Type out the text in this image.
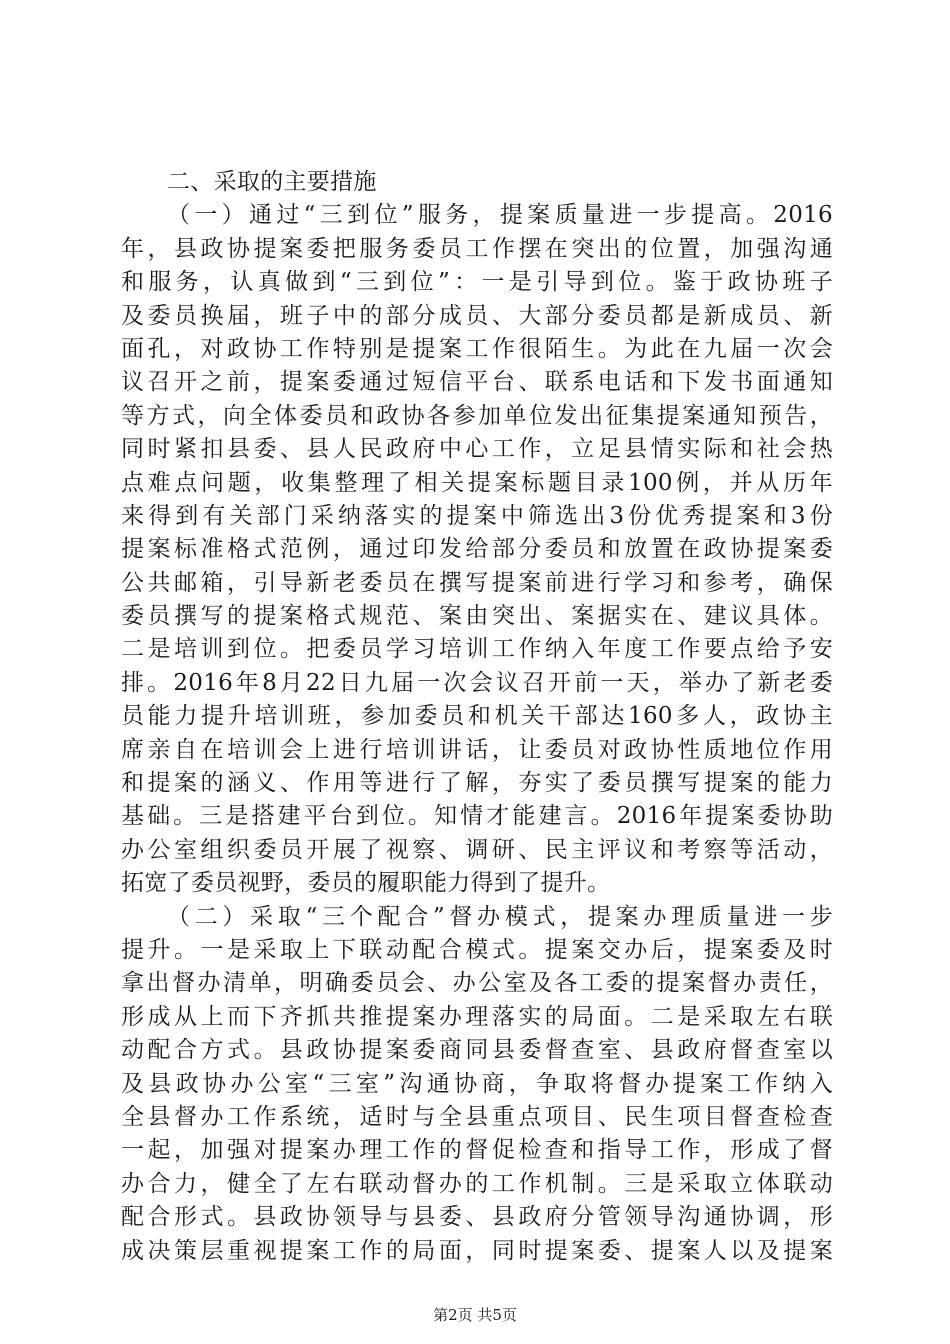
二、采取的主要措施
（一）通过“三到位”服务，提案质量进一步提高。2016
年，县政协提案委把服务委员工作摆在突出的位置，加强沟通
和服务，认真做到“三到位”：一是引导到位。鉴于政协班子
及委员换届，班子中的部分成员、大部分委员都是新成员、新
面孔，对政协工作特别是提案工作很陌生。为此在九届一次会
议召开之前，提案委通过短信平台、联系电话和下发书面通知
等方式，向全体委员和政协各参加单位发出征集提案通知预告，
同时紧扣县委、县人民政府中心工作，立足县情实际和社会热
点难点问题，收集整理了相关提案标题目录100例，并从历年
来得到有关部门采纳落实的提案中筛选出3份优秀提案和3份
提案标准格式范例，通过印发给部分委员和放置在政协提案委
公共邮箱，引导新老委员在撰写提案前进行学习和参考，确保
委员撰写的提案格式规范、案由突出、案据实在、建议具体。
二是培训到位。把委员学习培训工作纳入年度工作要点给予安
排。2016年8月22日九届一次会议召开前一天，举办了新老委
员能力提升培训班，参加委员和机关干部达160多人，政协主
席亲自在培训会上进行培训讲话，让委员对政协性质地位作用
和提案的涵义、作用等进行了解，夯实了委员撰写提案的能力
基础。三是搭建平台到位。知情才能建言。2016年提案委协助
办公室组织委员开展了视察、调研、民主评议和考察等活动，
拓宽了委员视野，委员的履职能力得到了提升。
（二）采取“三个配合”督办模式，提案办理质量进一步
提升。一是采取上下联动配合模式。提案交办后，提案委及时
拿出督办清单，明确委员会、办公室及各工委的提案督办责任，
形成从上而下齐抓共推提案办理落实的局面。二是采取左右联
动配合方式。县政协提案委商同县委督查室、县政府督查室以
及县政协办公室“三室”沟通协商，争取将督办提案工作纳入
全县督办工作系统，适时与全县重点项目、民生项目督查检查
一起，加强对提案办理工作的督促检查和指导工作，形成了督
办合力，健全了左右联动督办的工作机制。三是采取立体联动
配合形式。县政协领导与县委、县政府分管领导沟通协调，形
成决策层重视提案工作的局面，同时提案委、提案人以及提案
第2页 共5页
